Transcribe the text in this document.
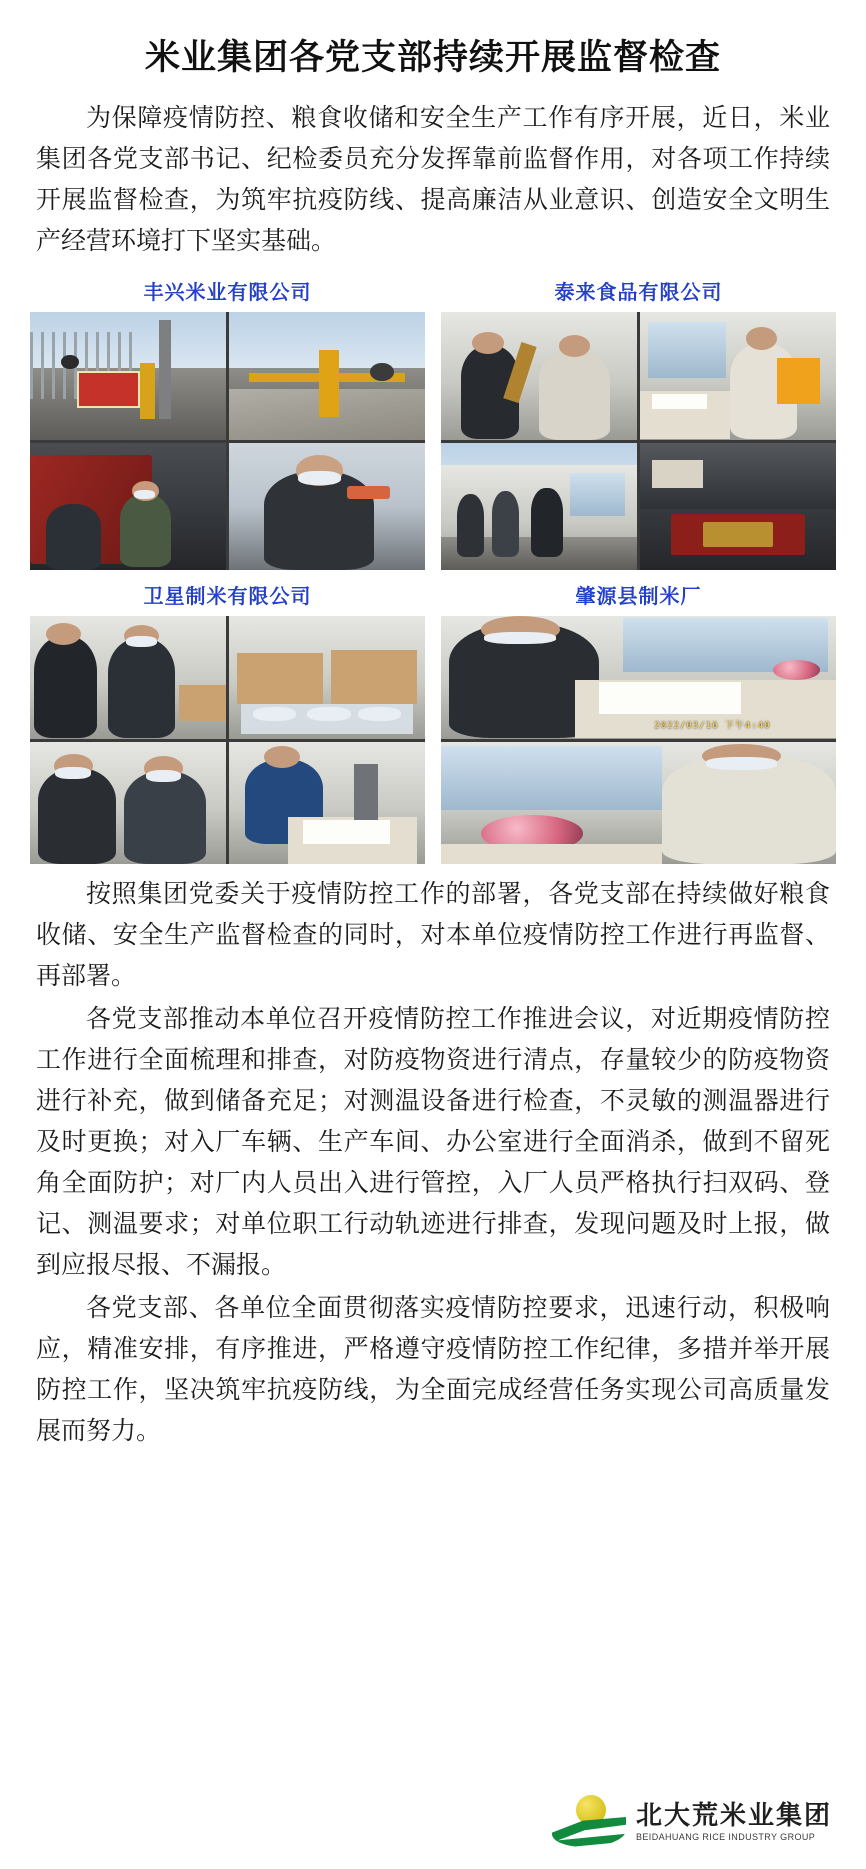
米业集团各党支部持续开展监督检查

为保障疫情防控、粮食收储和安全生产工作有序开展，近日，米业集团各党支部书记、纪检委员充分发挥靠前监督作用，对各项工作持续开展监督检查，为筑牢抗疫防线、提高廉洁从业意识、创造安全文明生产经营环境打下坚实基础。

丰兴米业有限公司	泰来食品有限公司
卫星制米有限公司	肇源县制米厂
2022/03/16 下午4:40

按照集团党委关于疫情防控工作的部署，各党支部在持续做好粮食收储、安全生产监督检查的同时，对本单位疫情防控工作进行再监督、再部署。

各党支部推动本单位召开疫情防控工作推进会议，对近期疫情防控工作进行全面梳理和排查，对防疫物资进行清点，存量较少的防疫物资进行补充，做到储备充足；对测温设备进行检查，不灵敏的测温器进行及时更换；对入厂车辆、生产车间、办公室进行全面消杀，做到不留死角全面防护；对厂内人员出入进行管控，入厂人员严格执行扫双码、登记、测温要求；对单位职工行动轨迹进行排查，发现问题及时上报，做到应报尽报、不漏报。

各党支部、各单位全面贯彻落实疫情防控要求，迅速行动，积极响应，精准安排，有序推进，严格遵守疫情防控工作纪律，多措并举开展防控工作，坚决筑牢抗疫防线，为全面完成经营任务实现公司高质量发展而努力。

北大荒米业集团
BEIDAHUANG RICE INDUSTRY GROUP
